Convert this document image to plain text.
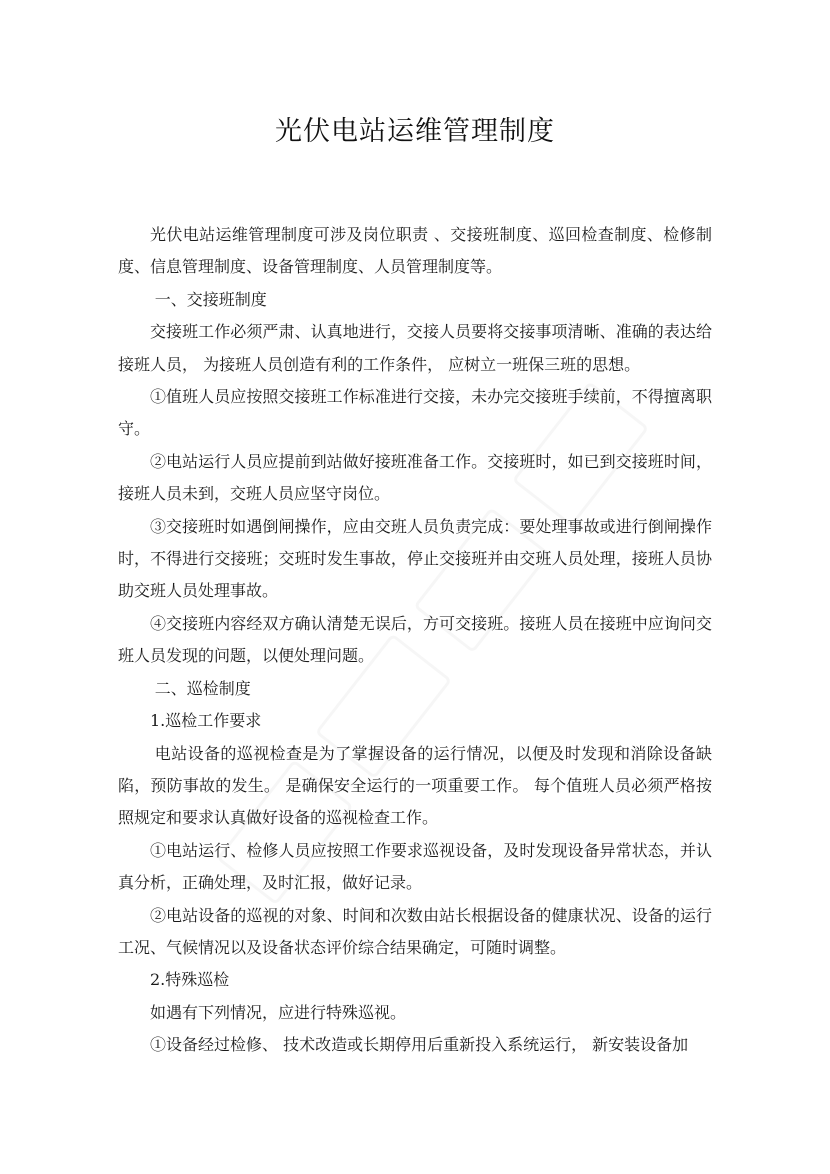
光伏电站运维管理制度

光伏电站运维管理制度可涉及岗位职责 、交接班制度、巡回检查制度、检修制度、信息管理制度、设备管理制度、人员管理制度等。

一、交接班制度

交接班工作必须严肃、认真地进行，交接人员要将交接事项清晰、准确的表达给接班人员， 为接班人员创造有利的工作条件， 应树立一班保三班的思想。

①值班人员应按照交接班工作标准进行交接，未办完交接班手续前，不得擅离职守。

②电站运行人员应提前到站做好接班准备工作。交接班时，如已到交接班时间，接班人员未到，交班人员应坚守岗位。

③交接班时如遇倒闸操作，应由交班人员负责完成：要处理事故或进行倒闸操作时，不得进行交接班；交班时发生事故，停止交接班并由交班人员处理，接班人员协助交班人员处理事故。

④交接班内容经双方确认清楚无误后，方可交接班。接班人员在接班中应询问交班人员发现的问题，以便处理问题。

二、巡检制度

1.巡检工作要求

电站设备的巡视检查是为了掌握设备的运行情况，以便及时发现和消除设备缺陷，预防事故的发生。 是确保安全运行的一项重要工作。 每个值班人员必须严格按照规定和要求认真做好设备的巡视检查工作。

①电站运行、检修人员应按照工作要求巡视设备，及时发现设备异常状态，并认真分析，正确处理，及时汇报，做好记录。

②电站设备的巡视的对象、时间和次数由站长根据设备的健康状况、设备的运行工况、气候情况以及设备状态评价综合结果确定，可随时调整。

2.特殊巡检

如遇有下列情况，应进行特殊巡视。

①设备经过检修、 技术改造或长期停用后重新投入系统运行， 新安装设备加
